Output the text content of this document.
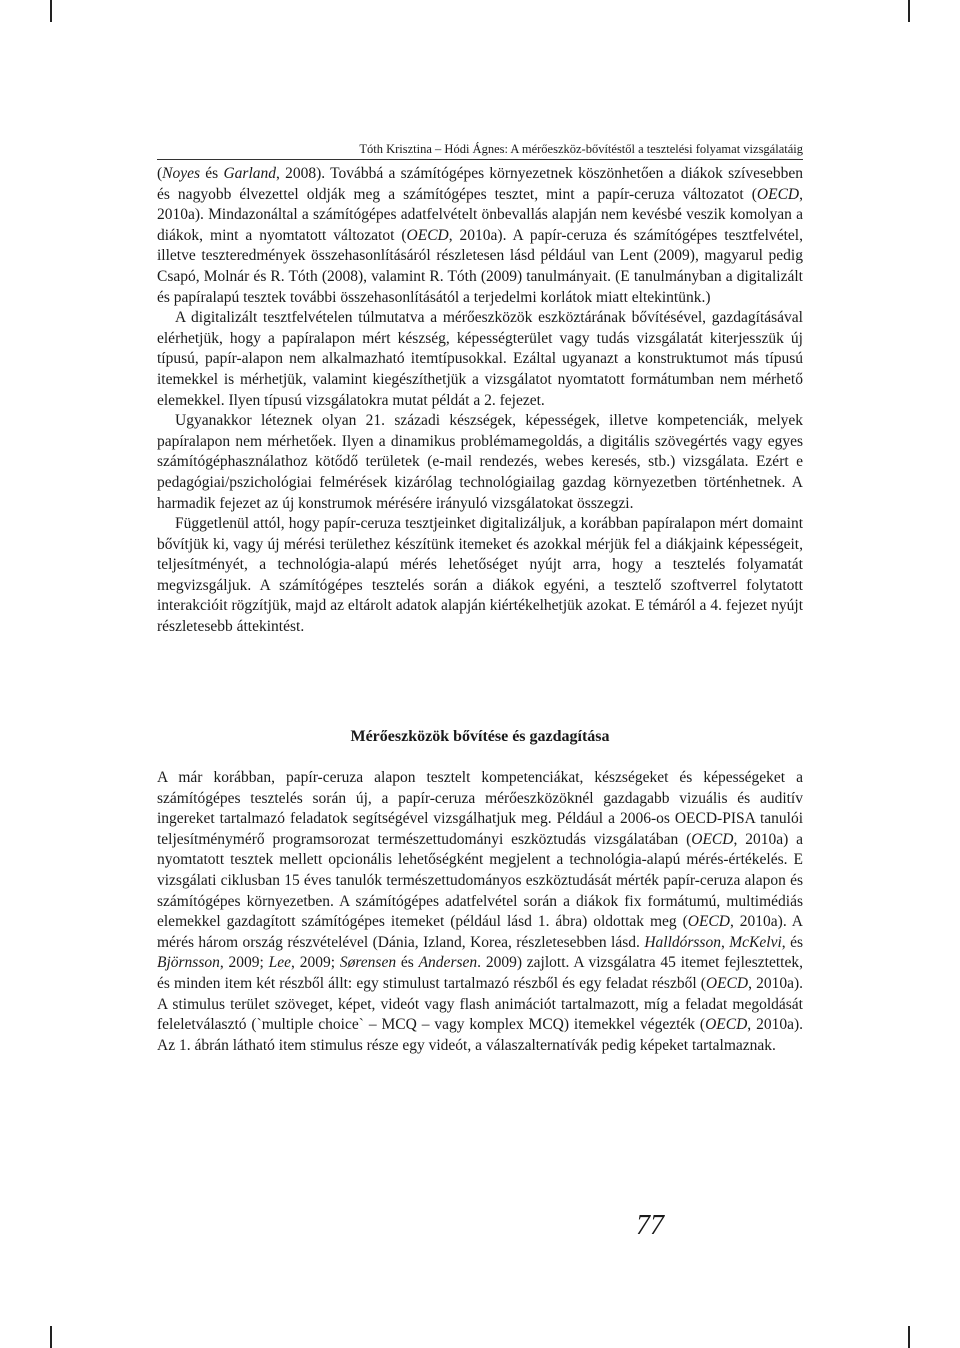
Tóth Krisztina – Hódi Ágnes: A mérőeszköz-bővítéstől a tesztelési folyamat vizsgálatáig

(Noyes és Garland, 2008). Továbbá a számítógépes környezetnek köszönhetően a diákok szívesebben és nagyobb élvezettel oldják meg a számítógépes tesztet, mint a papír-ceruza változatot (OECD, 2010a). Mindazonáltal a számítógépes adatfelvételt önbevallás alapján nem kevésbé veszik komolyan a diákok, mint a nyomtatott változatot (OECD, 2010a). A papír-ceruza és számítógépes tesztfelvétel, illetve teszteredmények összehasonlításáról részletesen lásd például van Lent (2009), magyarul pedig Csapó, Molnár és R. Tóth (2008), valamint R. Tóth (2009) tanulmányait. (E tanulmányban a digitalizált és papíralapú tesztek további összehasonlításától a terjedelmi korlátok miatt eltekintünk.)

A digitalizált tesztfelvételen túlmutatva a mérőeszközök eszköztárának bővítésével, gazdagításával elérhetjük, hogy a papíralapon mért készség, képességterület vagy tudás vizsgálatát kiterjesszük új típusú, papír-alapon nem alkalmazható itemtípusokkal. Ezáltal ugyanazt a konstruktumot más típusú itemekkel is mérhetjük, valamint kiegészíthetjük a vizsgálatot nyomtatott formátumban nem mérhető elemekkel. Ilyen típusú vizsgálatokra mutat példát a 2. fejezet.

Ugyanakkor léteznek olyan 21. századi készségek, képességek, illetve kompetenciák, melyek papíralapon nem mérhetőek. Ilyen a dinamikus problémamegoldás, a digitális szövegértés vagy egyes számítógéphasználathoz kötődő területek (e-mail rendezés, webes keresés, stb.) vizsgálata. Ezért e pedagógiai/pszichológiai felmérések kizárólag technológiailag gazdag környezetben történhetnek. A harmadik fejezet az új konstrumok mérésére irányuló vizsgálatokat összegzi.

Függetlenül attól, hogy papír-ceruza tesztjeinket digitalizáljuk, a korábban papíralapon mért domaint bővítjük ki, vagy új mérési területhez készítünk itemeket és azokkal mérjük fel a diákjaink képességeit, teljesítményét, a technológia-alapú mérés lehetőséget nyújt arra, hogy a tesztelés folyamatát megvizsgáljuk. A számítógépes tesztelés során a diákok egyéni, a tesztelő szoftverrel folytatott interakcióit rögzítjük, majd az eltárolt adatok alapján kiértékelhetjük azokat. E témáról a 4. fejezet nyújt részletesebb áttekintést.

Mérőeszközök bővítése és gazdagítása

A már korábban, papír-ceruza alapon tesztelt kompetenciákat, készségeket és képességeket a számítógépes tesztelés során új, a papír-ceruza mérőeszközöknél gazdagabb vizuális és auditív ingereket tartalmazó feladatok segítségével vizsgálhatjuk meg. Például a 2006-os OECD-PISA tanulói teljesítménymérő programsorozat természettudományi eszköztudás vizsgálatában (OECD, 2010a) a nyomtatott tesztek mellett opcionális lehetőségként megjelent a technológia-alapú mérés-értékelés. E vizsgálati ciklusban 15 éves tanulók természettudományos eszköztudását mérték papír-ceruza alapon és számítógépes környezetben. A számítógépes adatfelvétel során a diákok fix formátumú, multimédiás elemekkel gazdagított számítógépes itemeket (például lásd 1. ábra) oldottak meg (OECD, 2010a). A mérés három ország részvételével (Dánia, Izland, Korea, részletesebben lásd. Halldórsson, McKelvi, és Björnsson, 2009; Lee, 2009; Sørensen és Andersen. 2009) zajlott. A vizsgálatra 45 itemet fejlesztettek, és minden item két részből állt: egy stimulust tartalmazó részből és egy feladat részből (OECD, 2010a). A stimulus terület szöveget, képet, videót vagy flash animációt tartalmazott, míg a feladat megoldását feleletválasztó (`multiple choice` – MCQ – vagy komplex MCQ) itemekkel végezték (OECD, 2010a). Az 1. ábrán látható item stimulus része egy videót, a válaszalternatívák pedig képeket tartalmaznak.

77
